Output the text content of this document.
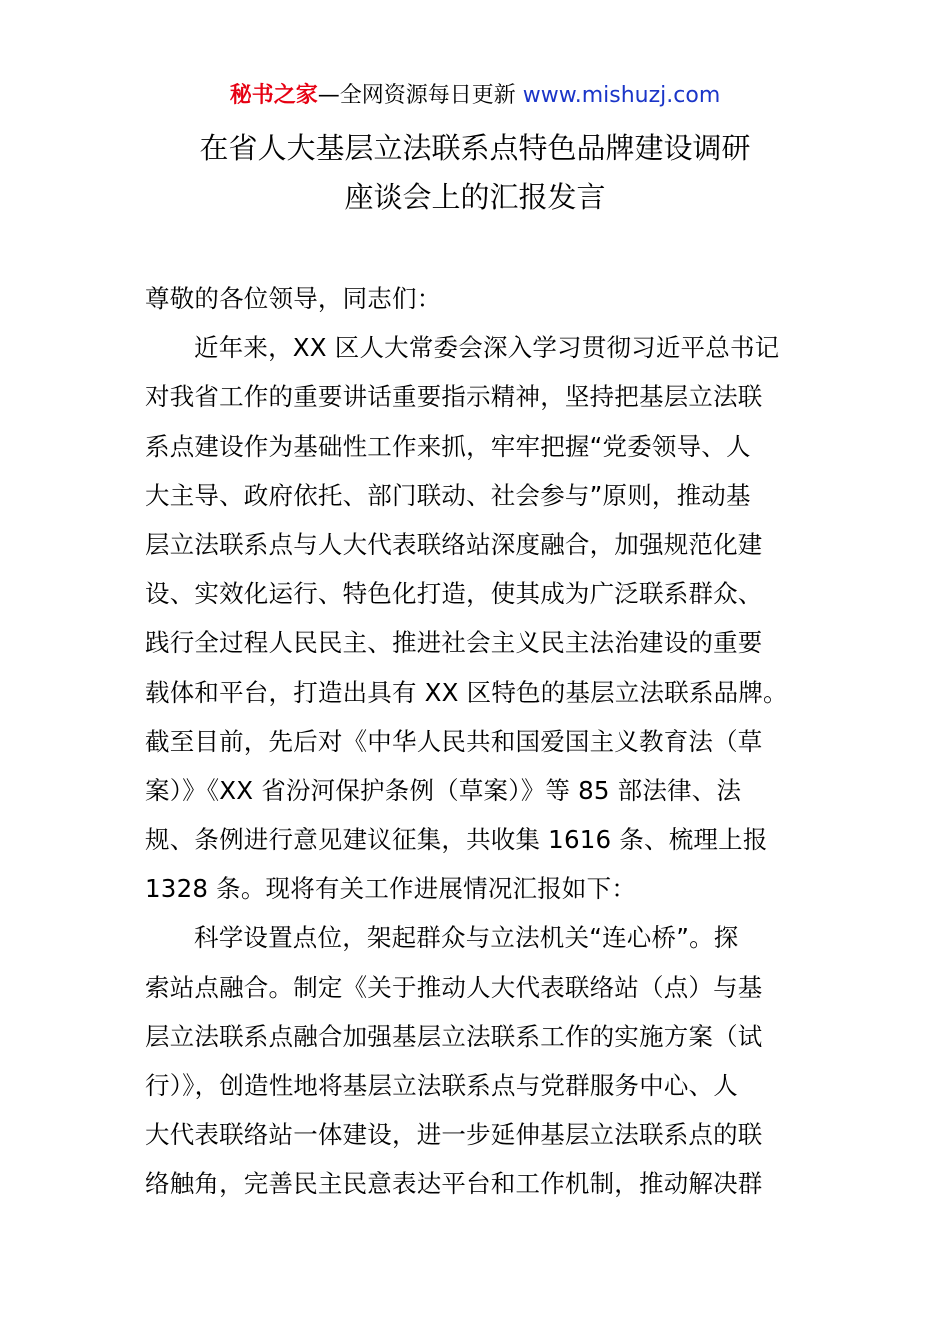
秘书之家—全网资源每日更新 www.mishuzj.com
在省人大基层立法联系点特色品牌建设调研
座谈会上的汇报发言
尊敬的各位领导，同志们：
近年来，XX 区人大常委会深入学习贯彻习近平总书记
对我省工作的重要讲话重要指示精神，坚持把基层立法联
系点建设作为基础性工作来抓，牢牢把握“党委领导、人
大主导、政府依托、部门联动、社会参与”原则，推动基
层立法联系点与人大代表联络站深度融合，加强规范化建
设、实效化运行、特色化打造，使其成为广泛联系群众、
践行全过程人民民主、推进社会主义民主法治建设的重要
载体和平台，打造出具有 XX 区特色的基层立法联系品牌。
截至目前，先后对《中华人民共和国爱国主义教育法（草
案）》《XX 省汾河保护条例（草案）》等 85 部法律、法
规、条例进行意见建议征集，共收集 1616 条、梳理上报
1328 条。现将有关工作进展情况汇报如下：
科学设置点位，架起群众与立法机关“连心桥”。探
索站点融合。制定《关于推动人大代表联络站（点）与基
层立法联系点融合加强基层立法联系工作的实施方案（试
行）》，创造性地将基层立法联系点与党群服务中心、人
大代表联络站一体建设，进一步延伸基层立法联系点的联
络触角，完善民主民意表达平台和工作机制，推动解决群
